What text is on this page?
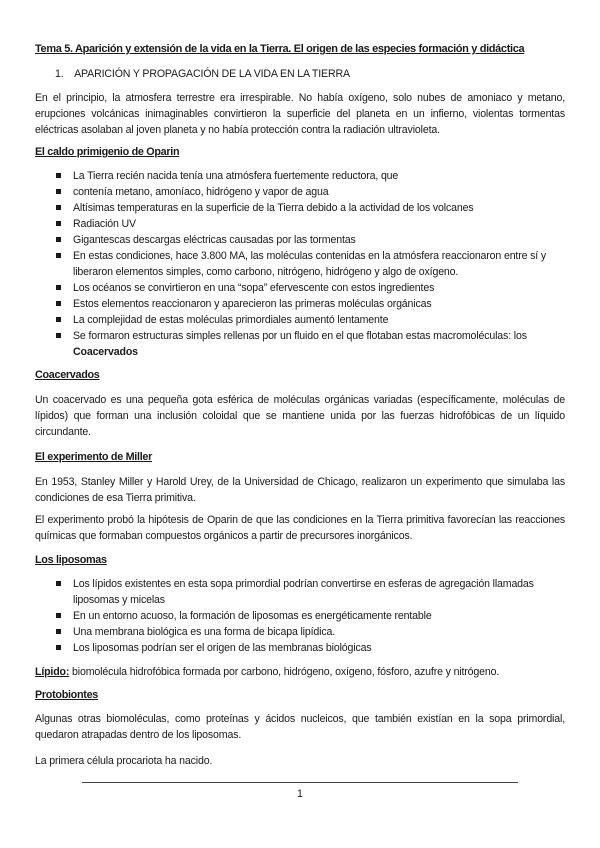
Tema 5. Aparición y extensión de la vida en la Tierra. El origen de las especies formación y didáctica
1. APARICIÓN Y PROPAGACIÓN DE LA VIDA EN LA TIERRA

En el principio, la atmosfera terrestre era irrespirable. No había oxígeno, solo nubes de amoniaco y metano, erupciones volcánicas inimaginables convirtieron la superficie del planeta en un infierno, violentas tormentas eléctricas asolaban al joven planeta y no había protección contra la radiación ultravioleta.

El caldo primigenio de Oparin
La Tierra recién nacida tenía una atmósfera fuertemente reductora, que
contenía metano, amoníaco, hidrógeno y vapor de agua
Altísimas temperaturas en la superficie de la Tierra debido a la actividad de los volcanes
Radiación UV
Gigantescas descargas eléctricas causadas por las tormentas
En estas condiciones, hace 3.800 MA, las moléculas contenidas en la atmósfera reaccionaron entre sí y liberaron elementos simples, como carbono, nitrógeno, hidrógeno y algo de oxígeno.
Los océanos se convirtieron en una “sopa” efervescente con estos ingredientes
Estos elementos reaccionaron y aparecieron las primeras moléculas orgánicas
La complejidad de estas moléculas primordiales aumentó lentamente
Se formaron estructuras simples rellenas por un fluido en el que flotaban estas macromoléculas: los
Coacervados
Coacervados

Un coacervado es una pequeña gota esférica de moléculas orgánicas variadas (específicamente, moléculas de lípidos) que forman una inclusión coloidal que se mantiene unida por las fuerzas hidrofóbicas de un líquido circundante.

El experimento de Miller

En 1953, Stanley Miller y Harold Urey, de la Universidad de Chicago, realizaron un experimento que simulaba las condiciones de esa Tierra primitiva.

El experimento probó la hipótesis de Oparin de que las condiciones en la Tierra primitiva favorecían las reacciones químicas que formaban compuestos orgánicos a partir de precursores inorgánicos.

Los liposomas
Los lípidos existentes en esta sopa primordial podrían convertirse en esferas de agregación llamadas liposomas y micelas
En un entorno acuoso, la formación de liposomas es energéticamente rentable
Una membrana biológica es una forma de bicapa lipídica.
Los liposomas podrían ser el origen de las membranas biológicas
Lípido: biomolécula hidrofóbica formada por carbono, hidrógeno, oxígeno, fósforo, azufre y nitrógeno.
Protobiontes

Algunas otras biomoléculas, como proteínas y ácidos nucleicos, que también existían en la sopa primordial, quedaron atrapadas dentro de los liposomas.

La primera célula procariota ha nacido.

1
